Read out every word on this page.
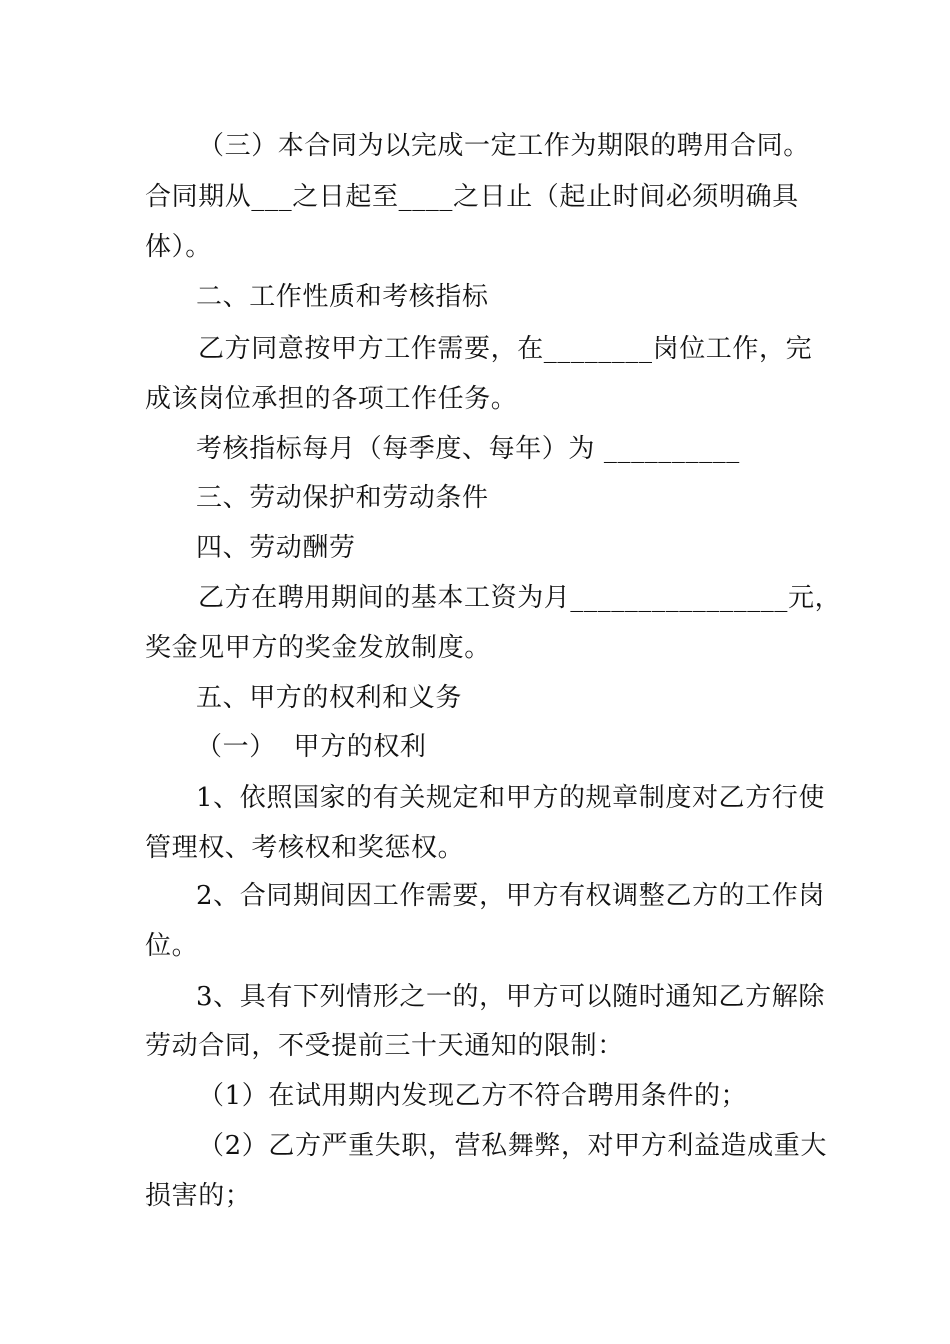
（三）本合同为以完成一定工作为期限的聘用合同。
合同期从___之日起至____之日止（起止时间必须明确具
体）。
二、工作性质和考核指标
乙方同意按甲方工作需要，在________岗位工作，完
成该岗位承担的各项工作任务。
考核指标每月（每季度、每年）为 __________
三、劳动保护和劳动条件
四、劳动酬劳
乙方在聘用期间的基本工资为月________________元，
奖金见甲方的奖金发放制度。
五、甲方的权利和义务
（一）  甲方的权利
1、依照国家的有关规定和甲方的规章制度对乙方行使
管理权、考核权和奖惩权。
2、合同期间因工作需要，甲方有权调整乙方的工作岗
位。
3、具有下列情形之一的，甲方可以随时通知乙方解除
劳动合同，不受提前三十天通知的限制：
（1）在试用期内发现乙方不符合聘用条件的；
（2）乙方严重失职，营私舞弊，对甲方利益造成重大
损害的；
